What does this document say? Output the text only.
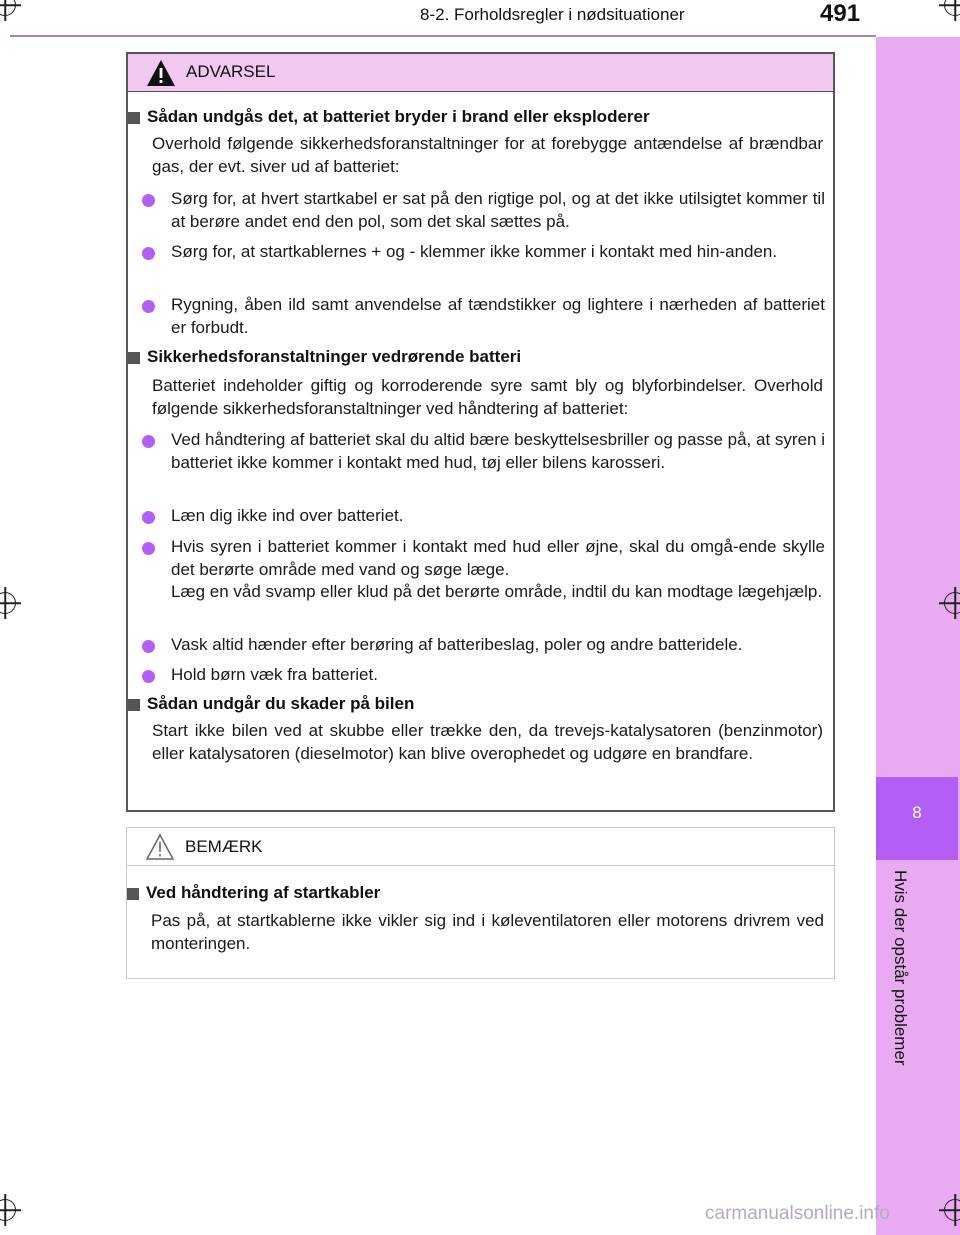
8-2. Forholdsregler i nødsituationer	491
8
Hvis der opstår problemer
ADVARSEL
Sådan undgås det, at batteriet bryder i brand eller eksploderer
Overhold følgende sikkerhedsforanstaltninger for at forebygge antændelse af brændbar gas, der evt. siver ud af batteriet:
Sørg for, at hvert startkabel er sat på den rigtige pol, og at det ikke utilsigtet kommer til at berøre andet end den pol, som det skal sættes på.
Sørg for, at startkablernes + og - klemmer ikke kommer i kontakt med hin-anden.
Rygning, åben ild samt anvendelse af tændstikker og lightere i nærheden af batteriet er forbudt.
Sikkerhedsforanstaltninger vedrørende batteri
Batteriet indeholder giftig og korroderende syre samt bly og blyforbindelser. Overhold følgende sikkerhedsforanstaltninger ved håndtering af batteriet:
Ved håndtering af batteriet skal du altid bære beskyttelsesbriller og passe på, at syren i batteriet ikke kommer i kontakt med hud, tøj eller bilens karosseri.
Læn dig ikke ind over batteriet.
Hvis syren i batteriet kommer i kontakt med hud eller øjne, skal du omgå-ende skylle det berørte område med vand og søge læge.
Læg en våd svamp eller klud på det berørte område, indtil du kan modtage lægehjælp.
Vask altid hænder efter berøring af batteribeslag, poler og andre batteridele.
Hold børn væk fra batteriet.
Sådan undgår du skader på bilen
Start ikke bilen ved at skubbe eller trække den, da trevejs-katalysatoren (benzinmotor) eller katalysatoren (dieselmotor) kan blive overophedet og udgøre en brandfare.
BEMÆRK
Ved håndtering af startkabler
Pas på, at startkablerne ikke vikler sig ind i køleventilatoren eller motorens drivrem ved monteringen.
carmanualsonline.info
